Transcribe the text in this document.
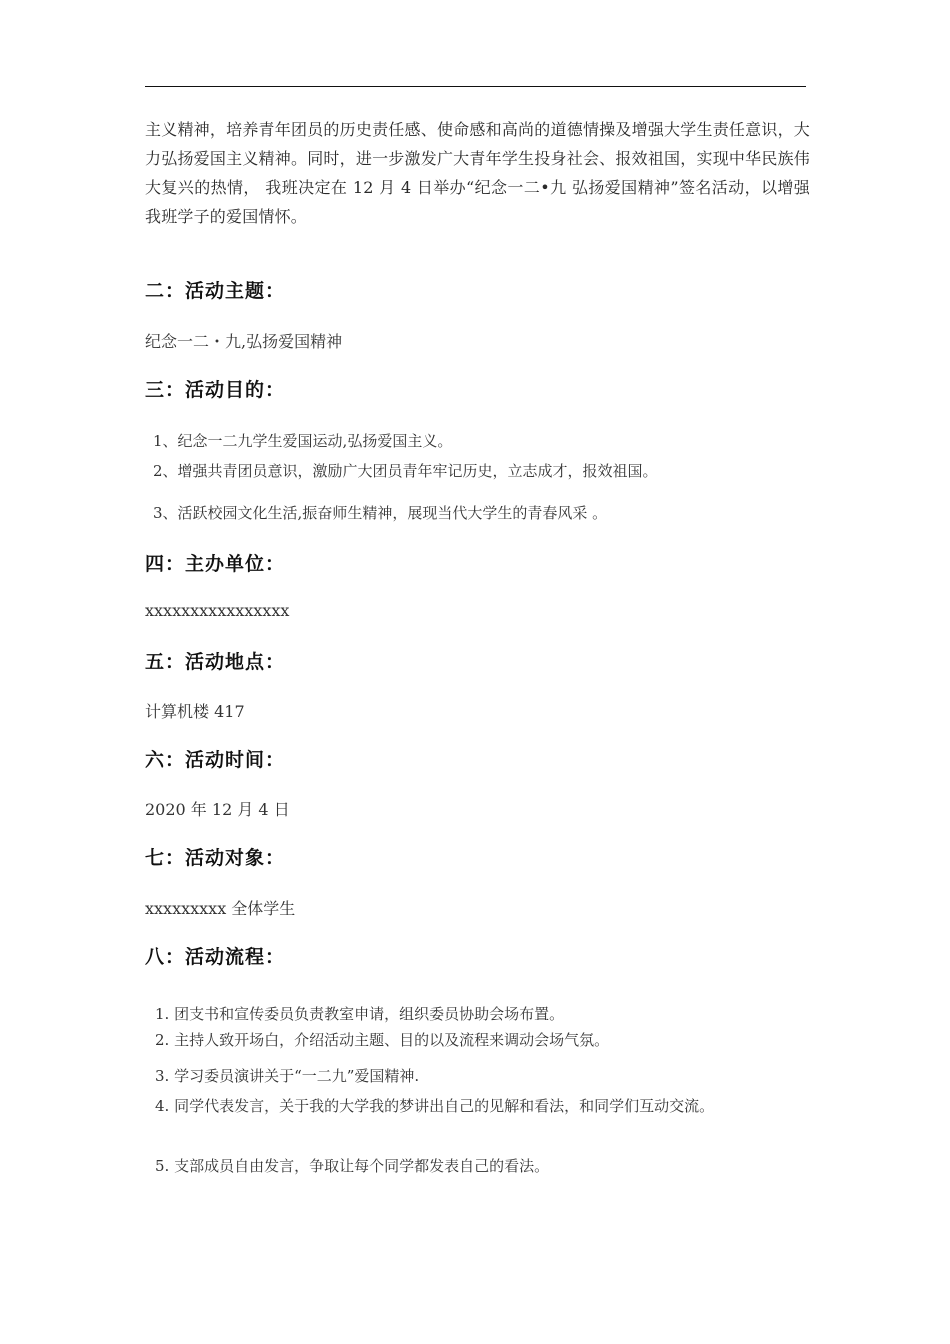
主义精神，培养青年团员的历史责任感、使命感和高尚的道德情操及增强大学生责任意识，大力弘扬爱国主义精神。同时，进一步激发广大青年学生投身社会、报效祖国，实现中华民族伟大复兴的热情， 我班决定在 12 月 4 日举办“纪念一二•九 弘扬爱国精神”签名活动，以增强我班学子的爱国情怀。

二：活动主题：

纪念一二・九,弘扬爱国精神

三：活动目的：

1、纪念一二九学生爱国运动,弘扬爱国主义。

2、增强共青团员意识，激励广大团员青年牢记历史，立志成才，报效祖国。

3、活跃校园文化生活,振奋师生精神，展现当代大学生的青春风采 。

四：主办单位：

xxxxxxxxxxxxxxxx

五：活动地点：

计算机楼 417

六：活动时间：

2020 年 12 月 4 日

七：活动对象：

xxxxxxxxx 全体学生

八：活动流程：

1. 团支书和宣传委员负责教室申请，组织委员协助会场布置。

2. 主持人致开场白，介绍活动主题、目的以及流程来调动会场气氛。

3. 学习委员演讲关于“一二九”爱国精神.

4. 同学代表发言，关于我的大学我的梦讲出自己的见解和看法，和同学们互动交流。

5. 支部成员自由发言，争取让每个同学都发表自己的看法。
